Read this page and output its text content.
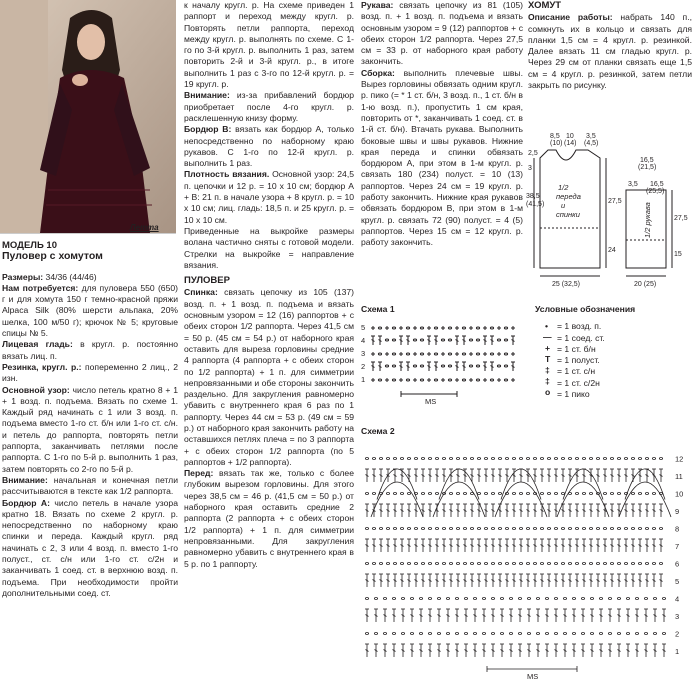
Летта
МОДЕЛЬ 10
Пуловер с хомутом

Размеры: 34/36 (44/46)

Нам потребуется: для пуловера 550 (650) г и для хомута 150 г темно-красной пряжи Alpaca Silk (80% шерсти альпака, 20% шелка, 100 м/50 г); крючок № 5; круговые спицы № 5.

Лицевая гладь: в кругл. р. постоянно вязать лиц. п.

Резинка, кругл. р.: попеременно 2 лиц., 2 изн.

Основной узор: число петель кратно 8 + 1 + 1 возд. п. подъема. Вязать по схеме 1. Каждый ряд начинать с 1 или 3 возд. п. подъема вместо 1-го ст. б/н или 1-го ст. с/н. и петель до раппорта, повторять петли раппорта, заканчивать петлями после раппорта. С 1-го по 5-й р. выполнить 1 раз, затем повторять со 2-го по 5-й р.

Внимание: начальная и конечная петли рассчитываются в тексте как 1/2 раппорта.

Бордюр А: число петель в начале узора кратно 18. Вязать по схеме 2 кругл. р. непосредственно по наборному краю спинки и переда. Каждый кругл. ряд начинать с 2, 3 или 4 возд. п. вместо 1-го полуст., ст. с/н или 1-го ст. с/2н и заканчивать 1 соед. ст. в верхнюю возд. п. подъема. При необходимости пройти дополнительными соед. ст.

к началу кругл. р. На схеме приведен 1 раппорт и переход между кругл. р. Повторять петли раппорта, переход между кругл. р. выполнять по схеме. С 1-го по 3-й кругл. р. выполнить 1 раз, затем повторить 2-й и 3-й кругл. р., в итоге выполнить 1 раз с 3-го по 12-й кругл. р. = 19 кругл. р.

Внимание: из-за прибавлений бордюр приобретает после 4-го кругл. р. расклешенную книзу форму.

Бордюр В: вязать как бордюр А, только непосредственно по наборному краю рукавов. С 1-го по 12-й кругл. р. выполнить 1 раз.

Плотность вязания. Основной узор: 24,5 п. цепочки и 12 р. = 10 х 10 см; бордюр А + В: 21 п. в начале узора + 8 кругл. р. = 10 х 10 см; лиц. гладь: 18,5 п. и 25 кругл. р. = 10 х 10 см.

Приведенные на выкройке размеры волана частично сняты с готовой модели. Стрелки на выкройке = направление вязания.

ПУЛОВЕР

Спинка: связать цепочку из 105 (137) возд. п. + 1 возд. п. подъема и вязать основным узором = 12 (16) раппортов + с обеих сторон 1/2 раппорта. Через 41,5 см = 50 р. (45 см = 54 р.) от наборного края оставить для выреза горловины средние 4 раппорта (4 раппорта + с обеих сторон по 1/2 раппорта) + 1 п. для симметрии непровязанными и обе стороны закончить раздельно. Для закругления равномерно убавить с внутреннего края 6 раз по 1 раппорту. Через 44 см = 53 р. (49 см = 59 р.) от наборного края закончить работу на оставшихся петлях плеча = по 3 раппорта + с обеих сторон 1/2 раппорта (по 5 раппортов + 1/2 раппорта).

Перед: вязать так же, только с более глубоким вырезом горловины. Для этого через 38,5 см = 46 р. (41,5 см = 50 р.) от наборного края оставить средние 2 раппорта (2 раппорта + с обеих сторон 1/2 раппорта) + 1 п. для симметрии непровязанными. Для закругления равномерно убавить с внутреннего края в 5 р. по 1 раппорту.

Рукава: связать цепочку из 81 (105) возд. п. + 1 возд. п. подъема и вязать основным узором = 9 (12) раппортов + с обеих сторон 1/2 раппорта. Через 27,5 см = 33 р. от наборного края работу закончить.

Сборка: выполнить плечевые швы. Вырез горловины обвязать одним кругл. р. пико (= * 1 ст. б/н, 3 возд. п., 1 ст. б/н в 1-ю возд. п.), пропустить 1 см края, повторить от *, заканчивать 1 соед. ст. в 1-й ст. б/н). Втачать рукава. Выполнить боковые швы и швы рукавов. Нижние края переда и спинки обвязать бордюром А, при этом в 1-м кругл. р. связать 180 (234) полуст. = 10 (13) раппортов. Через 24 см = 19 кругл. р. работу закончить. Нижние края рукавов обвязать бордюром В, при этом в 1-м кругл. р. связать 72 (90) полуст. = 4 (5) раппортов. Через 15 см = 12 кругл. р. работу закончить.

ХОМУТ

Описание работы: набрать 140 п., сомкнуть их в кольцо и связать для планки 1,5 см = 4 кругл. р. резинкой. Далее вязать 11 см гладью кругл. р. Через 29 см от планки связать еще 1,5 см = 4 кругл. р. резинкой, затем петли закрыть по рисунку.

8,5
(10)
10
(14)
3,5
(4,5)
2,5
3
38,5
(41,5)	27,5
24
1/2
переда
и
спинки
25 (32,5)
3,5
16,5
(21,5)
16,5
(25,5)
1/2 рукава	27,5
15
20 (25)
Условные обозначения
•	= 1 возд. п.
— = 1 соед. ст.
+ = 1 ст. б/н
T = 1 полуст.
‡ = 1 ст. с/н
‡ = 1 ст. с/2н
o = 1 пико
Схема 1
5
4
3
2
1
MS
Схема 2
1
2
3
4
5
6
7
8
9
10
11
12
MS
